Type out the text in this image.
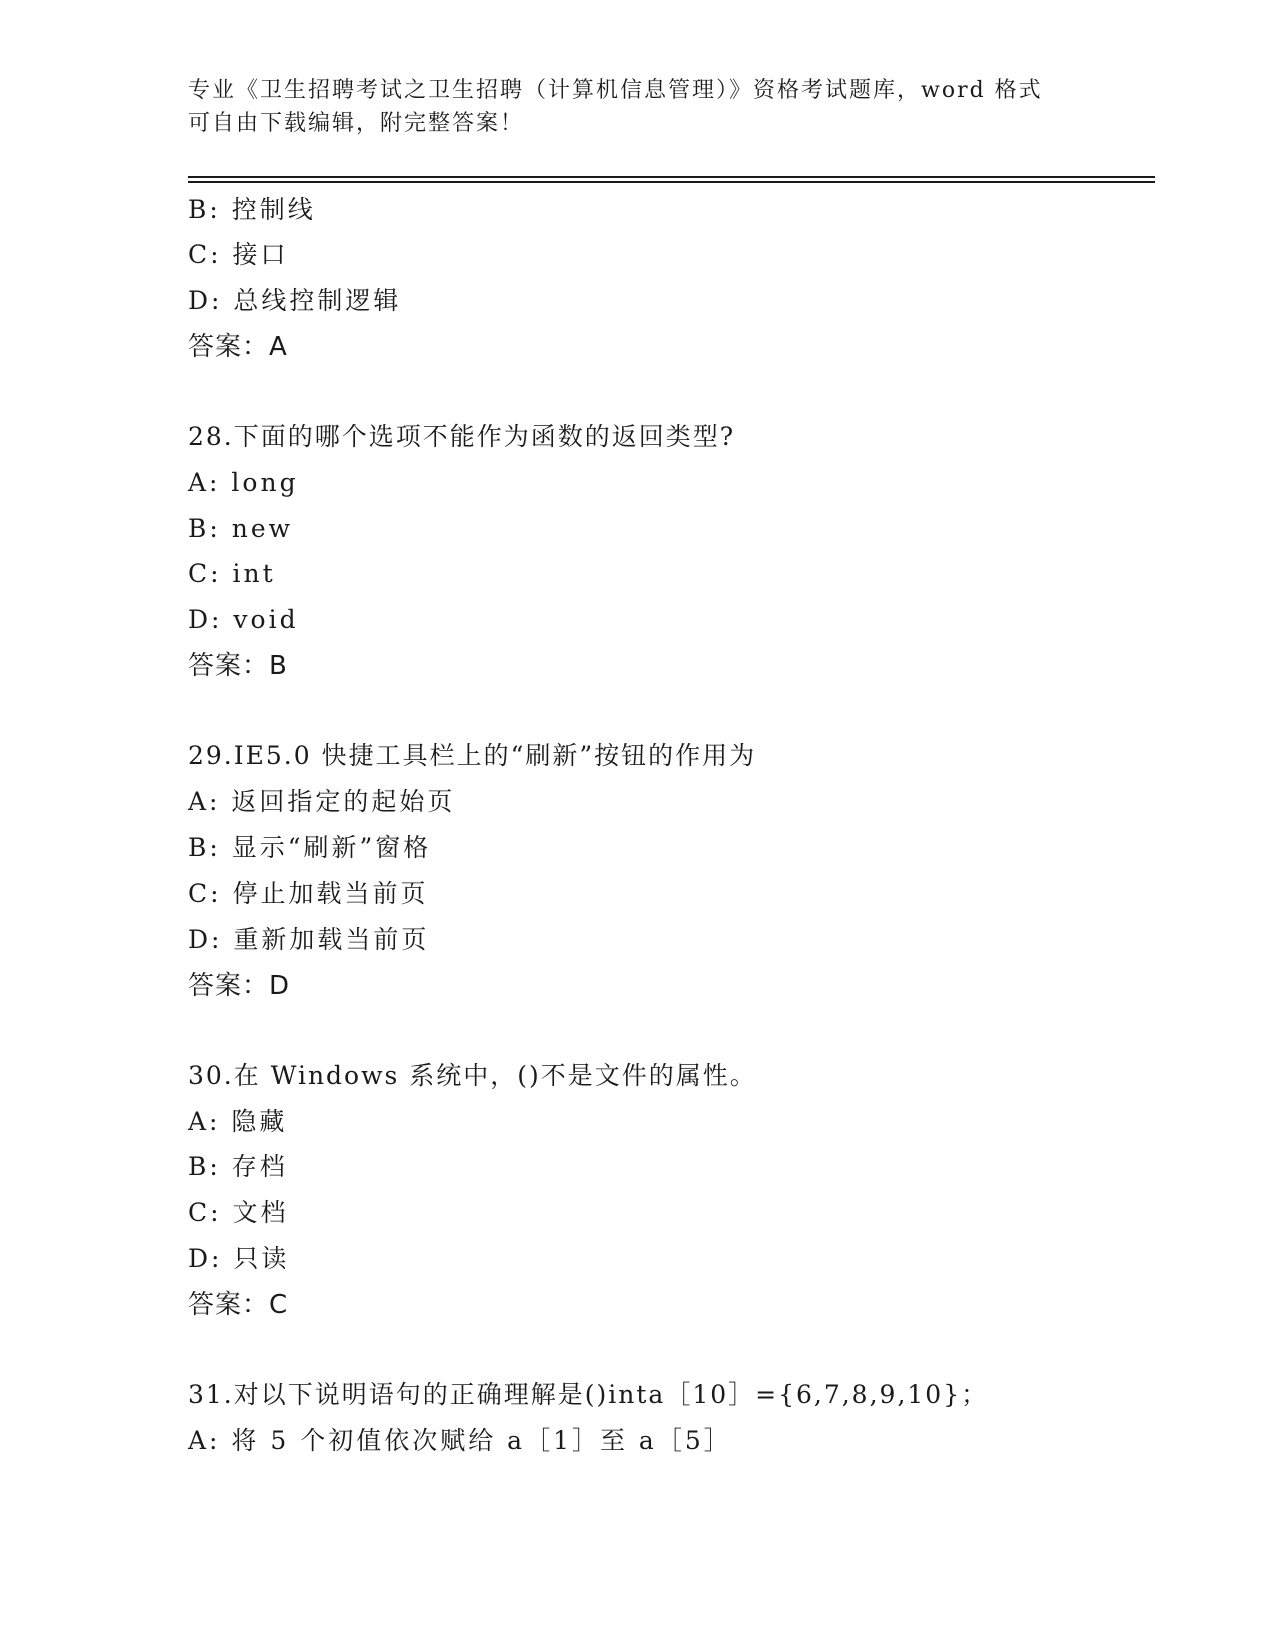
专业《卫生招聘考试之卫生招聘（计算机信息管理）》资格考试题库，word 格式
可自由下载编辑，附完整答案！
B: 控制线
C: 接口
D: 总线控制逻辑
答案：A
28.下面的哪个选项不能作为函数的返回类型?
A: long
B: new
C: int
D: void
答案：B
29.IE5.0 快捷工具栏上的“刷新”按钮的作用为
A: 返回指定的起始页
B: 显示“刷新”窗格
C: 停止加载当前页
D: 重新加载当前页
答案：D
30.在 Windows 系统中，()不是文件的属性。
A: 隐藏
B: 存档
C: 文档
D: 只读
答案：C
31.对以下说明语句的正确理解是()inta［10］={6,7,8,9,10}；
A: 将 5 个初值依次赋给 a［1］至 a［5］
